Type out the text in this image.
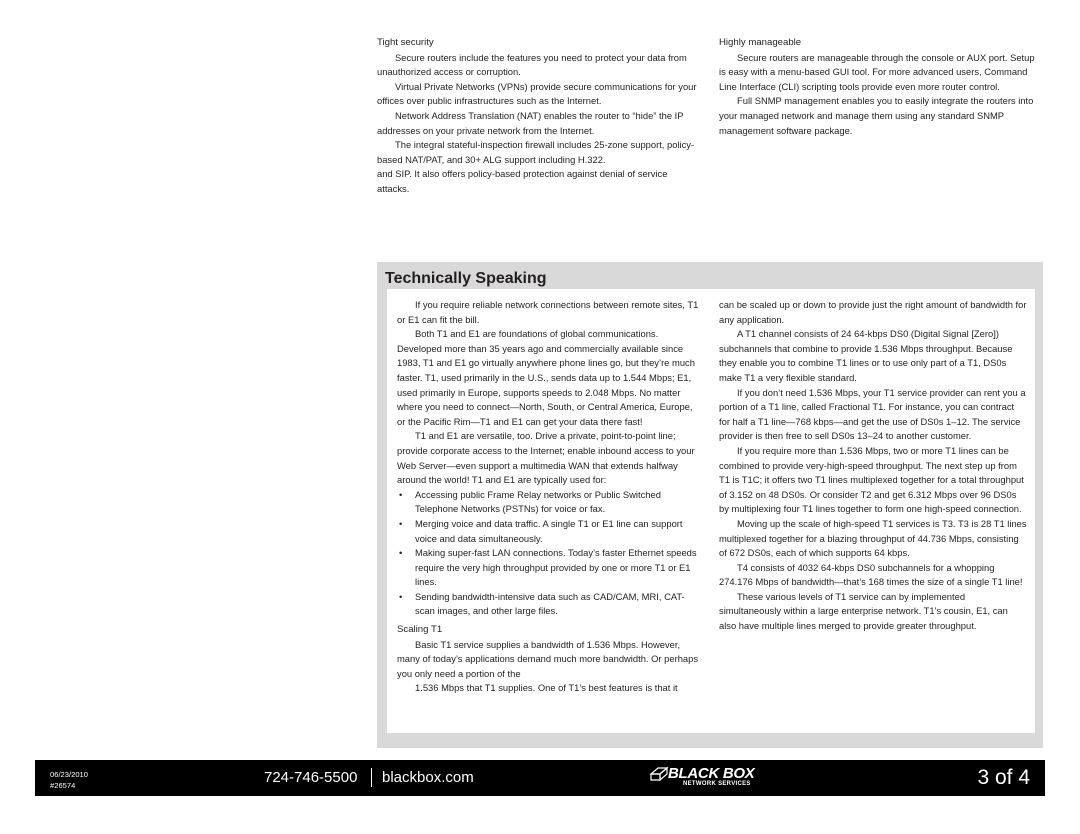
Tight security

Secure routers include the features you need to protect your data from unauthorized access or corruption.

Virtual Private Networks (VPNs) provide secure communications for your offices over public infrastructures such as the Internet.

Network Address Translation (NAT) enables the router to “hide” the IP addresses on your private network from the Internet.

The integral stateful-inspection firewall includes 25-zone support, policy-based NAT/PAT, and 30+ ALG support including H.322.

and SIP. It also offers policy-based protection against denial of service attacks.

Highly manageable

Secure routers are manageable through the console or AUX port. Setup is easy with a menu-based GUI tool. For more advanced users, Command Line Interface (CLI) scripting tools provide even more router control.

Full SNMP management enables you to easily integrate the routers into your managed network and manage them using any standard SNMP management software package.

Technically Speaking

If you require reliable network connections between remote sites, T1 or E1 can fit the bill.

Both T1 and E1 are foundations of global communications. Developed more than 35 years ago and commercially available since 1983, T1 and E1 go virtually anywhere phone lines go, but they’re much faster. T1, used primarily in the U.S., sends data up to 1.544 Mbps; E1, used primarily in Europe, supports speeds to 2.048 Mbps. No matter where you need to connect—North, South, or Central America, Europe, or the Pacific Rim—T1 and E1 can get your data there fast!

T1 and E1 are versatile, too. Drive a private, point-to-point line; provide corporate access to the Internet; enable inbound access to your Web Server—even support a multimedia WAN that extends halfway around the world! T1 and E1 are typically used for:

• Accessing public Frame Relay networks or Public Switched Telephone Networks (PSTNs) for voice or fax.
• Merging voice and data traffic. A single T1 or E1 line can support voice and data simultaneously.
• Making super-fast LAN connections. Today’s faster Ethernet speeds require the very high throughput provided by one or more T1 or E1 lines.
• Sending bandwidth-intensive data such as CAD/CAM, MRI, CAT-scan images, and other large files.
Scaling T1

Basic T1 service supplies a bandwidth of 1.536 Mbps. However, many of today’s applications demand much more bandwidth. Or perhaps you only need a portion of the

1.536 Mbps that T1 supplies. One of T1’s best features is that it

can be scaled up or down to provide just the right amount of bandwidth for any application.

A T1 channel consists of 24 64-kbps DS0 (Digital Signal [Zero]) subchannels that combine to provide 1.536 Mbps throughput. Because they enable you to combine T1 lines or to use only part of a T1, DS0s make T1 a very flexible standard.

If you don’t need 1.536 Mbps, your T1 service provider can rent you a portion of a T1 line, called Fractional T1. For instance, you can contract for half a T1 line—768 kbps—and get the use of DS0s 1–12. The service provider is then free to sell DS0s 13–24 to another customer.

If you require more than 1.536 Mbps, two or more T1 lines can be combined to provide very-high-speed throughput. The next step up from T1 is T1C; it offers two T1 lines multiplexed together for a total throughput of 3.152 on 48 DS0s. Or consider T2 and get 6.312 Mbps over 96 DS0s by multiplexing four T1 lines together to form one high-speed connection.

Moving up the scale of high-speed T1 services is T3. T3 is 28 T1 lines multiplexed together for a blazing throughput of 44.736 Mbps, consisting of 672 DS0s, each of which supports 64 kbps.

T4 consists of 4032 64-kbps DS0 subchannels for a whopping 274.176 Mbps of bandwidth—that’s 168 times the size of a single T1 line!

These various levels of T1 service can by implemented simultaneously within a large enterprise network. T1’s cousin, E1, can also have multiple lines merged to provide greater throughput.

06/23/2010
#26574	724-746-5500 blackbox.com	BLACK BOX
NETWORK SERVICES	3 of 4
